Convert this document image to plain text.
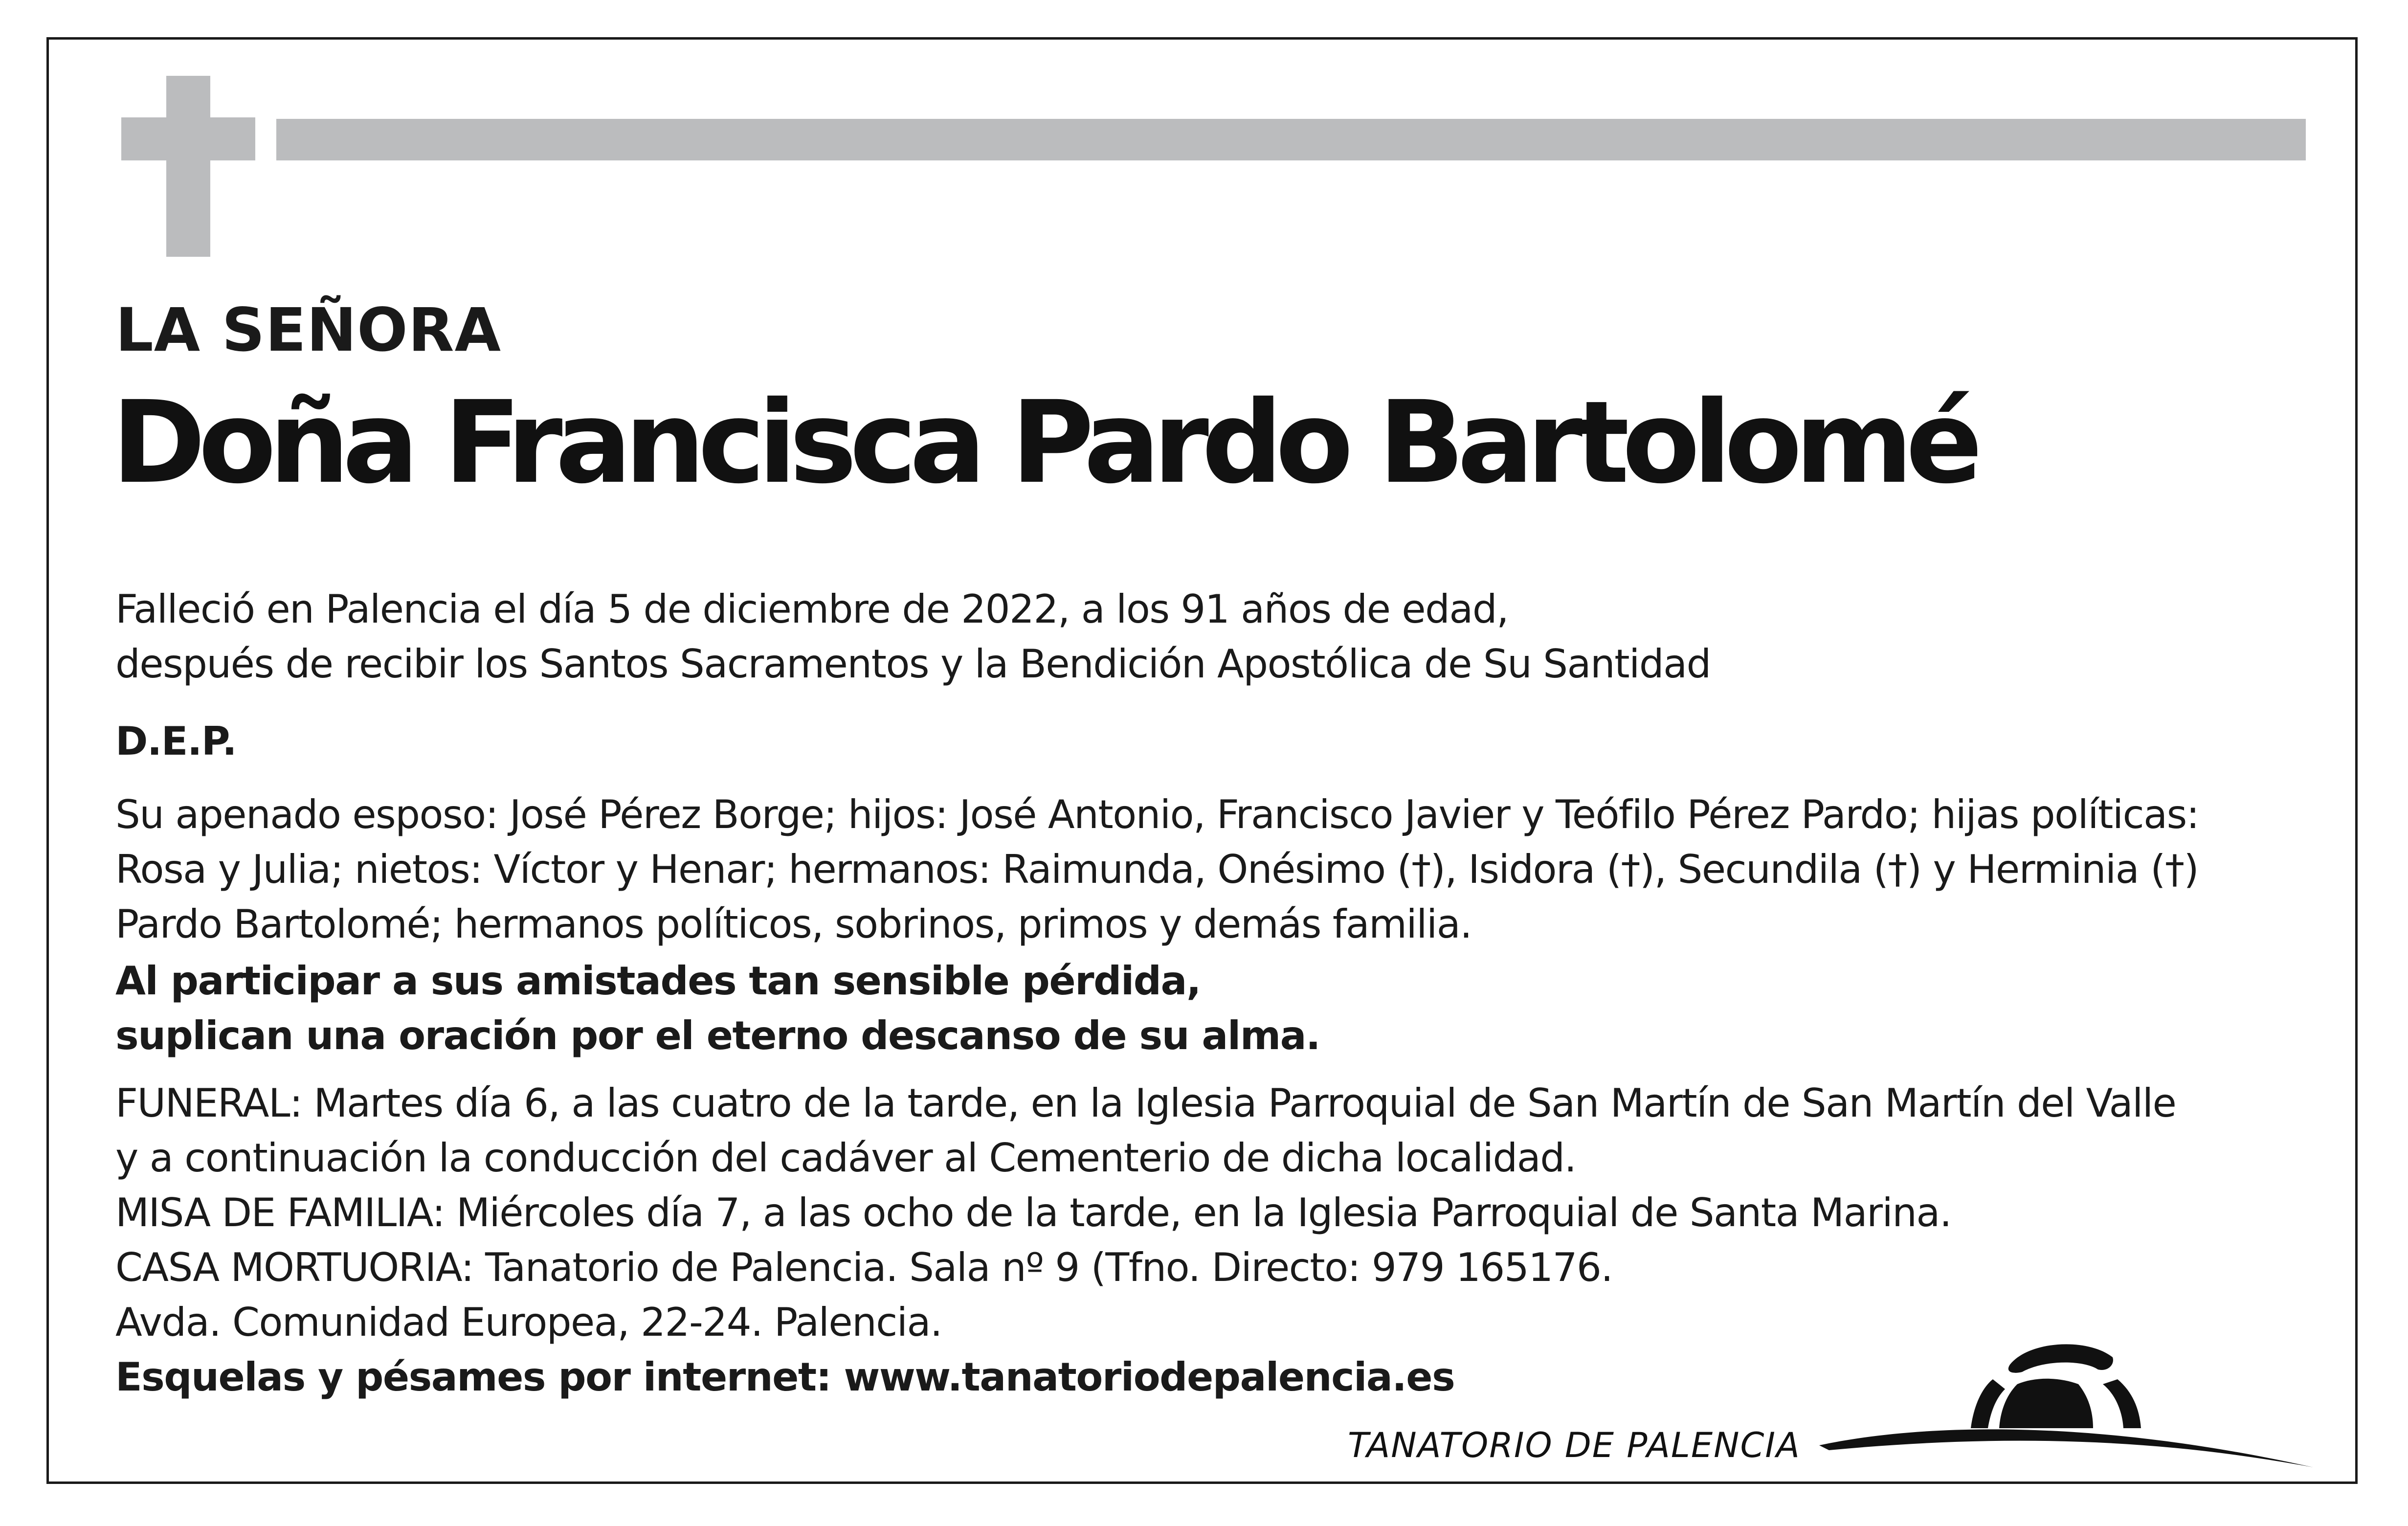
LA SEÑORA
Doña Francisca Pardo Bartolomé
Falleció en Palencia el día 5 de diciembre de 2022, a los 91 años de edad,
después de recibir los Santos Sacramentos y la Bendición Apostólica de Su Santidad
D.E.P.
Su apenado esposo: José Pérez Borge; hijos: José Antonio, Francisco Javier y Teófilo Pérez Pardo; hijas políticas:
Rosa y Julia; nietos: Víctor y Henar; hermanos: Raimunda, Onésimo (†), Isidora (†), Secundila (†) y Herminia (†)
Pardo Bartolomé; hermanos políticos, sobrinos, primos y demás familia.
Al participar a sus amistades tan sensible pérdida,
suplican una oración por el eterno descanso de su alma.
FUNERAL: Martes día 6, a las cuatro de la tarde, en la Iglesia Parroquial de San Martín de San Martín del Valle
y a continuación la conducción del cadáver al Cementerio de dicha localidad.
MISA DE FAMILIA: Miércoles día 7, a las ocho de la tarde, en la Iglesia Parroquial de Santa Marina.
CASA MORTUORIA: Tanatorio de Palencia. Sala nº 9 (Tfno. Directo: 979 165176.
Avda. Comunidad Europea, 22-24. Palencia.
Esquelas y pésames por internet: www.tanatoriodepalencia.es
TANATORIO DE PALENCIA
